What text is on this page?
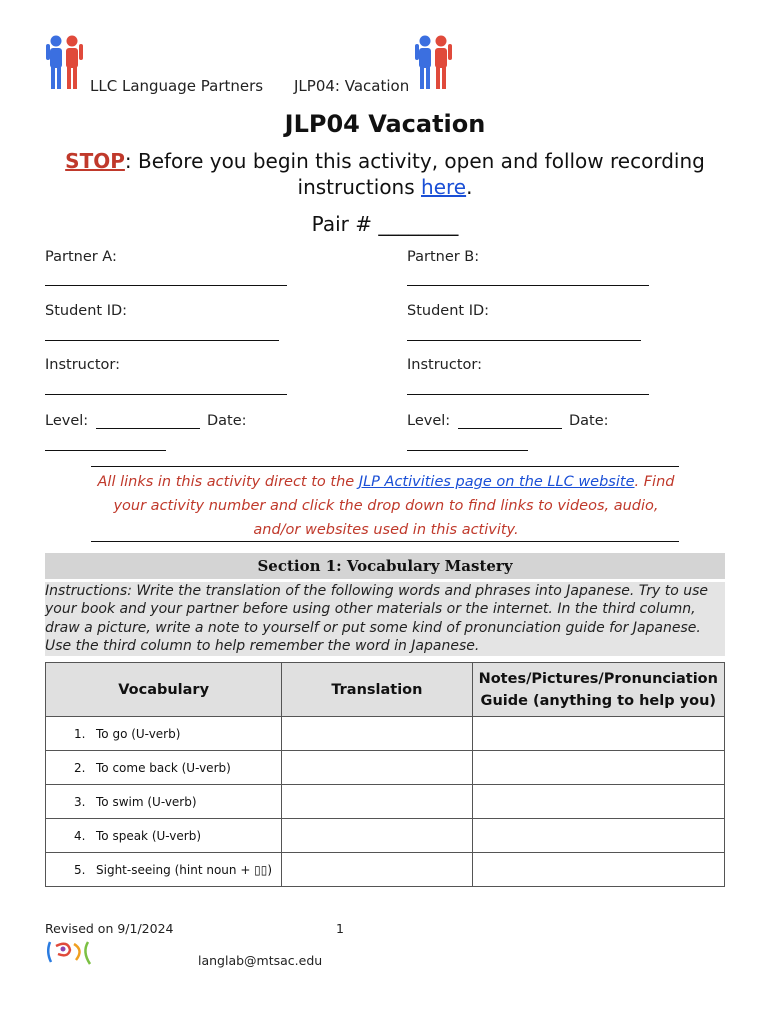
LLC Language Partners JLP04: Vacation
JLP04 Vacation
STOP: Before you begin this activity, open and follow recording instructions here.
Pair # ________
Partner A:
Student ID:
Instructor:
Level:	Date:
Partner B:
Student ID:
Instructor:
Level:	Date:
All links in this activity direct to the JLP Activities page on the LLC website. Find your activity number and click the drop down to find links to videos, audio, and/or websites used in this activity.
Section 1: Vocabulary Mastery
Instructions: Write the translation of the following words and phrases into Japanese. Try to use your book and your partner before using other materials or the internet. In the third column, draw a picture, write a note to yourself or put some kind of pronunciation guide for Japanese. Use the third column to help remember the word in Japanese.
Vocabulary	Translation	Notes/Pictures/Pronunciation Guide (anything to help you)
1. To go (U-verb)		
2. To come back (U-verb)		
3. To swim (U-verb)		
4. To speak (U-verb)		
5. Sight-seeing (hint noun + ▯▯)		
Revised on 9/1/2024	1
langlab@mtsac.edu
